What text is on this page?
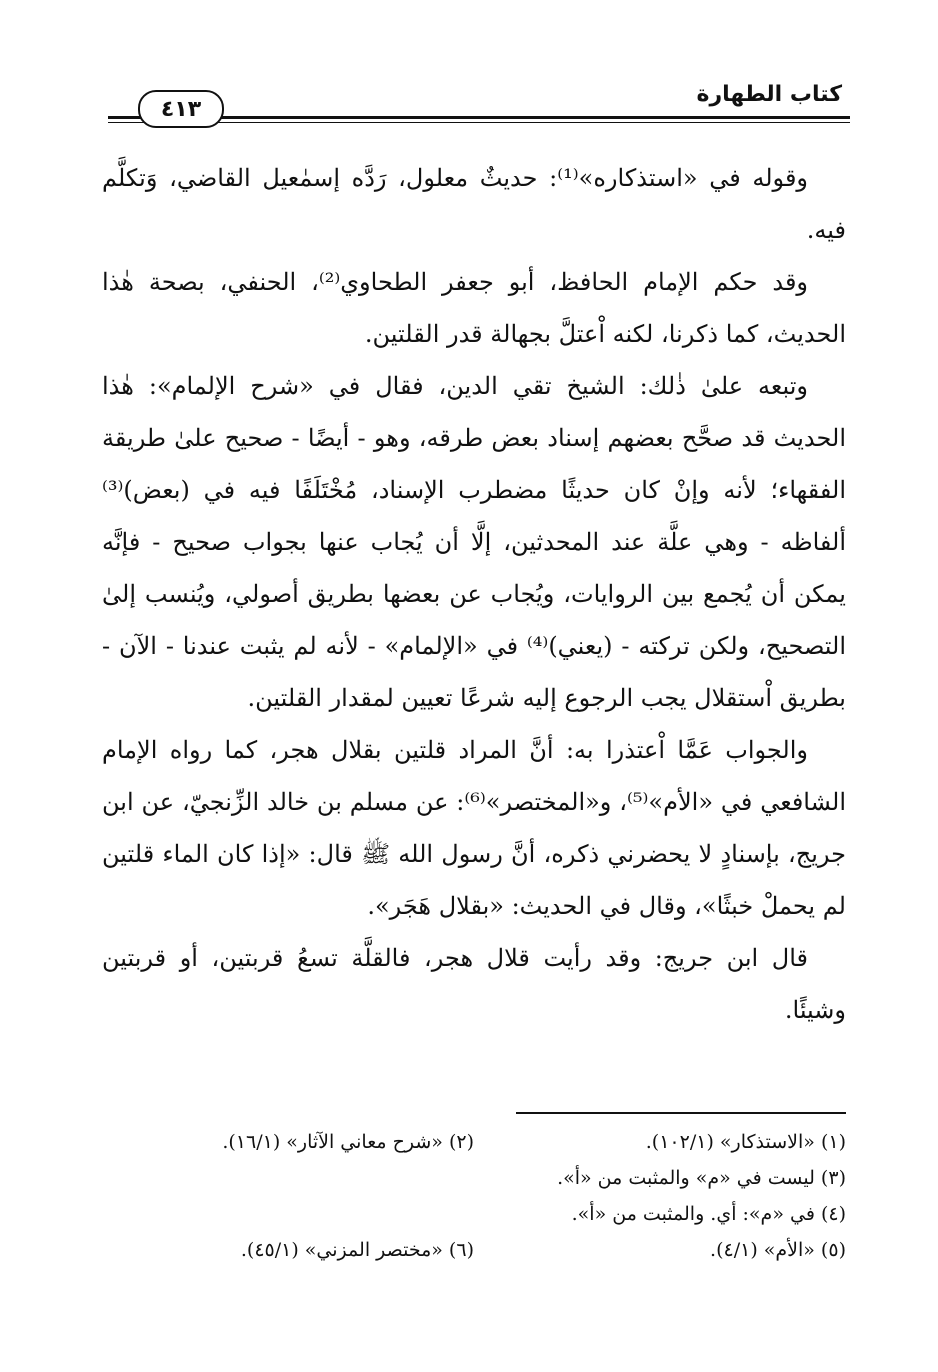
٤١٣
كتاب الطهارة

وقوله في «استذكاره»⁽¹⁾: حديثٌ معلول، رَدَّه إسمٰعيل القاضي، وَتكلَّم فيه.

وقد حكم الإمام الحافظ، أبو جعفر الطحاوي⁽²⁾، الحنفي، بصحة هٰذا الحديث، كما ذكرنا، لكنه اْعتلَّ بجهالة قدر القلتين.

وتبعه علىٰ ذٰلك: الشيخ تقي الدين، فقال في «شرح الإلمام»: هٰذا الحديث قد صحَّح بعضهم إسناد بعض طرقه، وهو - أيضًا - صحيح علىٰ طريقة الفقهاء؛ لأنه وإنْ كان حديثًا مضطرب الإسناد، مُخْتَلَفًا فيه في (بعض)⁽³⁾ ألفاظه - وهي علَّة عند المحدثين، إلَّا أن يُجاب عنها بجواب صحيح - فإنَّه يمكن أن يُجمع بين الروايات، ويُجاب عن بعضها بطريق أصولي، ويُنسب إلىٰ التصحيح، ولكن تركته - (يعني)⁽⁴⁾ في «الإلمام» - لأنه لم يثبت عندنا - الآن - بطريق اْستقلال يجب الرجوع إليه شرعًا تعيين لمقدار القلتين.

والجواب عَمَّا اْعتذرا به: أنَّ المراد قلتين بقلال هجر، كما رواه الإمام الشافعي في «الأم»⁽⁵⁾، و«المختصر»⁽⁶⁾: عن مسلم بن خالد الزِّنجيّ، عن ابن جريج، بإسنادٍ لا يحضرني ذكره، أنَّ رسول الله ﷺ قال: «إذا كان الماء قلتين لم يحملْ خبثًا»، وقال في الحديث: «بقلال هَجَر».

قال ابن جريج: وقد رأيت قلال هجر، فالقلَّة تسعُ قربتين، أو قربتين وشيئًا.

(١) «الاستذكار» (١٠٢/١).
(٢) «شرح معاني الآثار» (١٦/١).
(٣) ليست في «م» والمثبت من «أ».
(٤) في «م»: أي. والمثبت من «أ».
(٥) «الأم» (٤/١).
(٦) «مختصر المزني» (٤٥/١).
